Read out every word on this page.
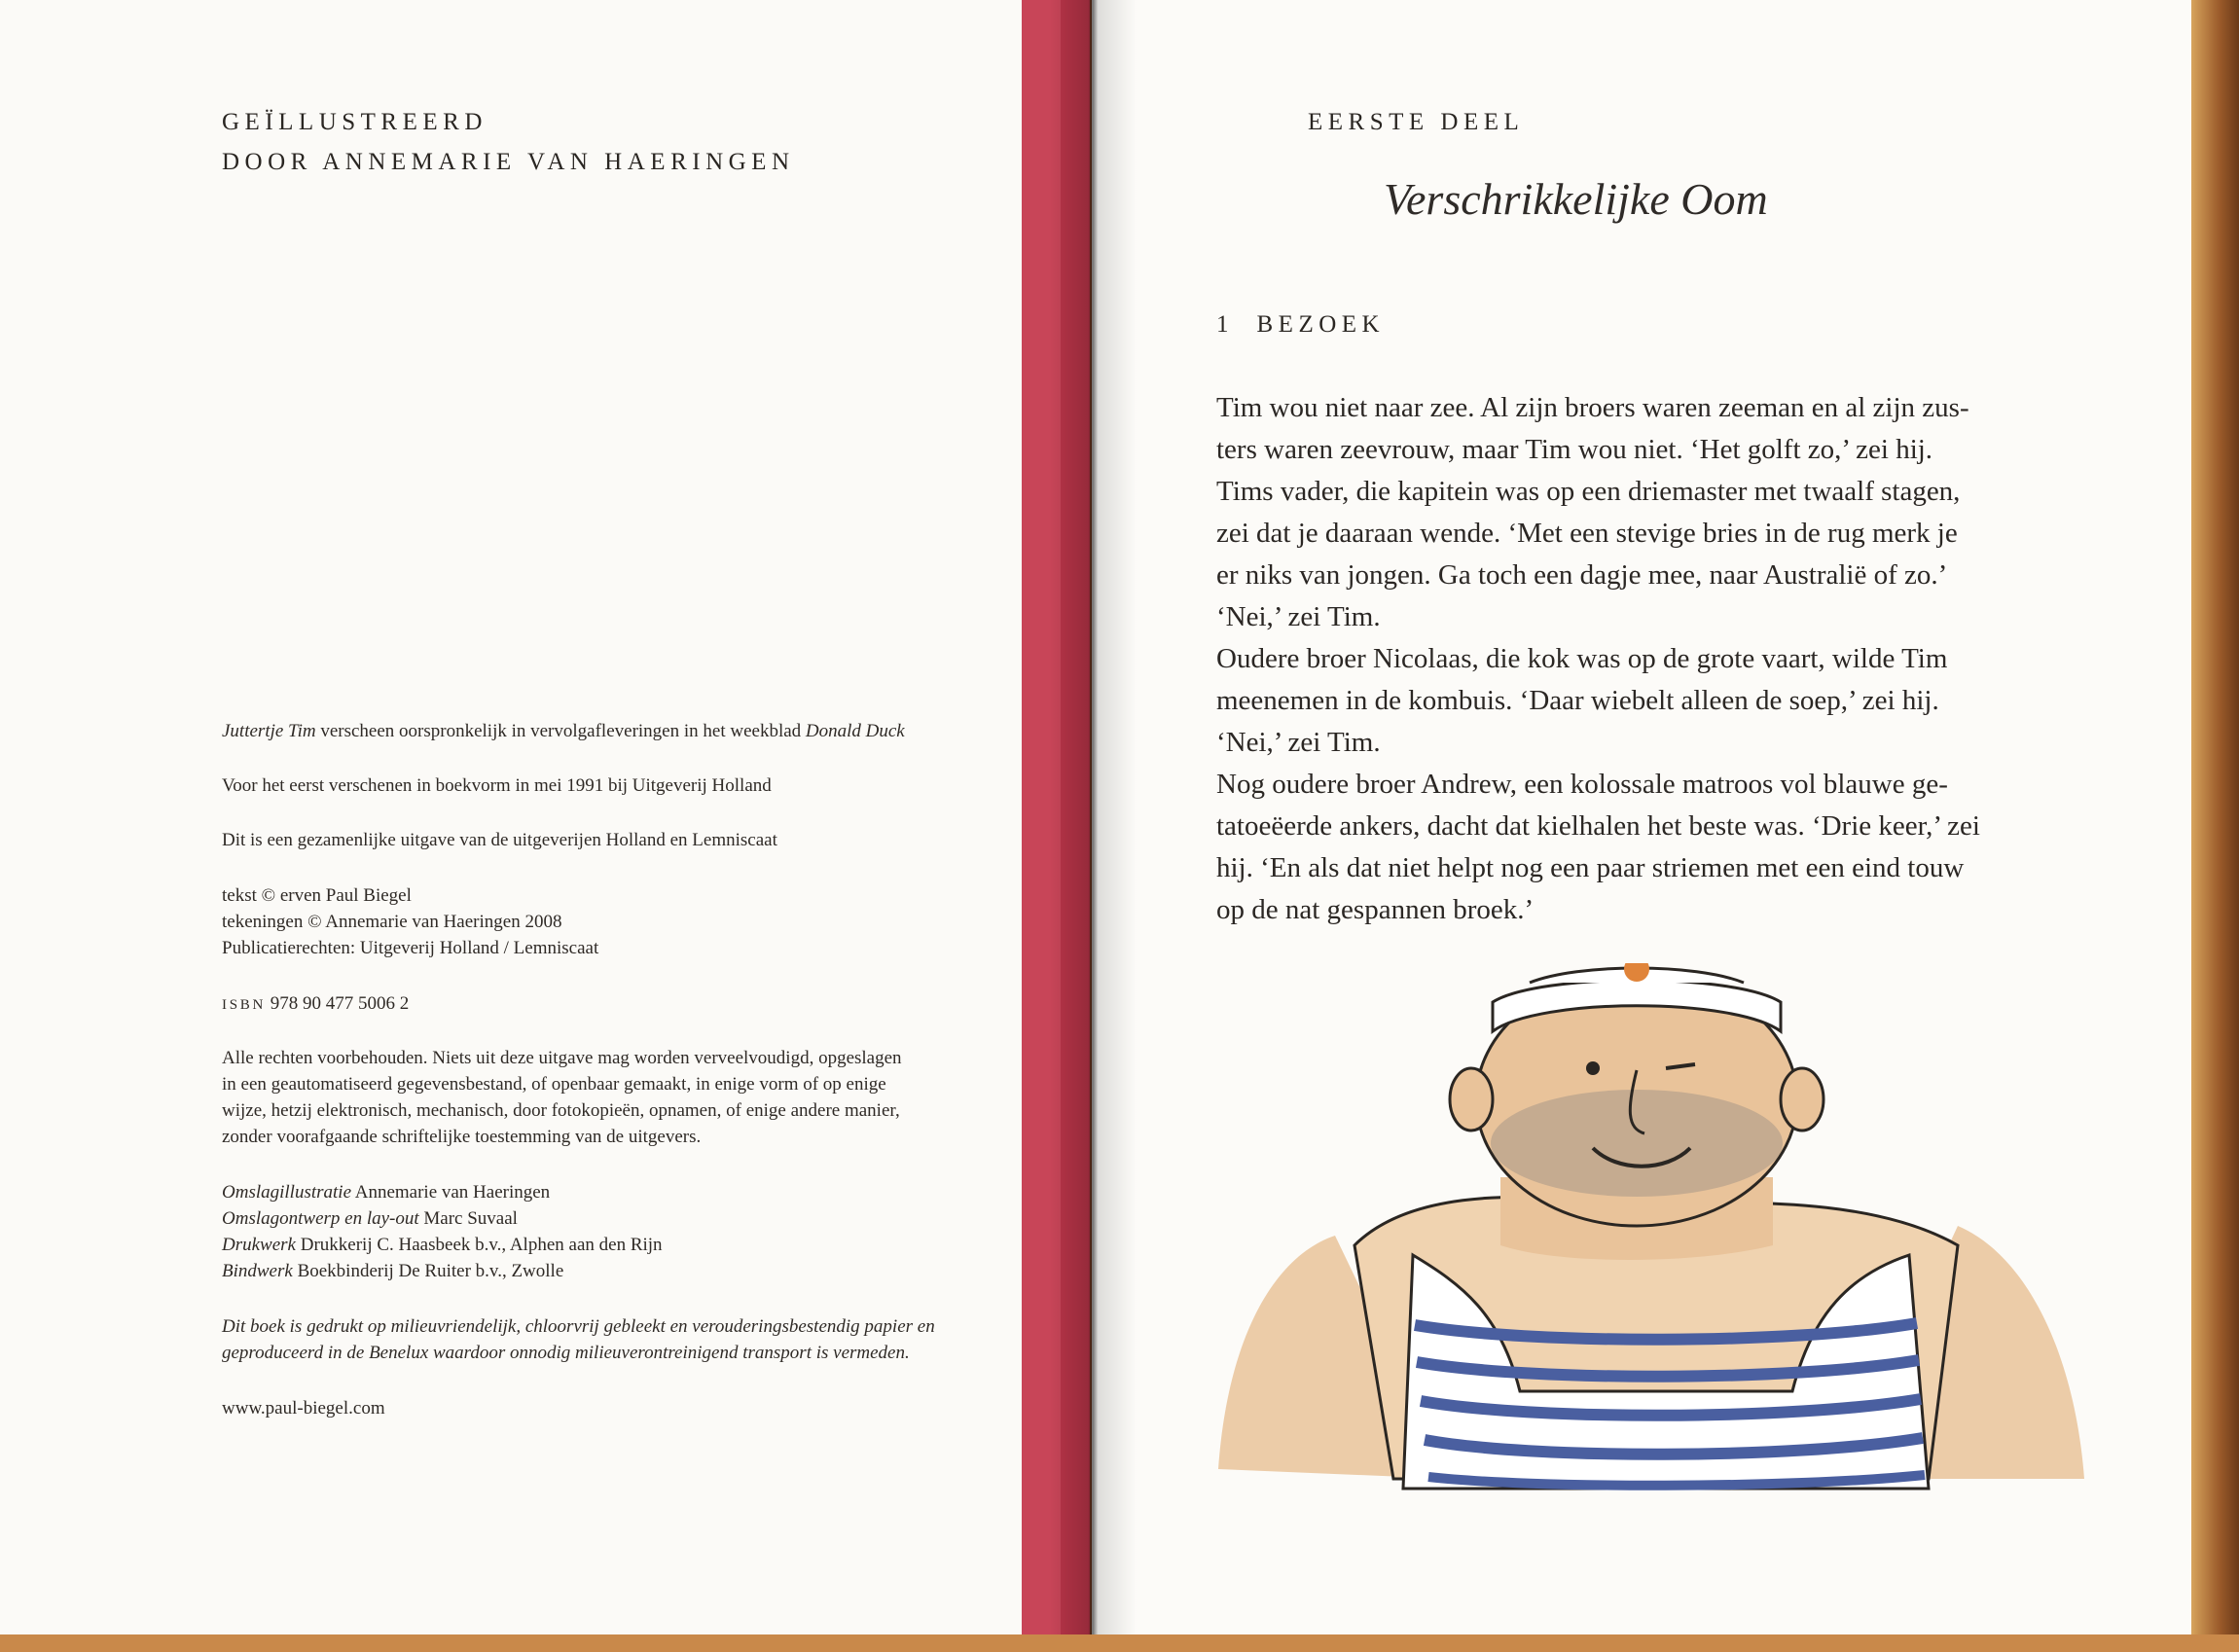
GEÏLLUSTREERD
DOOR ANNEMARIE VAN HAERINGEN

Juttertje Tim verscheen oorspronkelijk in vervolgafleveringen in het weekblad Donald Duck

Voor het eerst verschenen in boekvorm in mei 1991 bij Uitgeverij Holland

Dit is een gezamenlijke uitgave van de uitgeverijen Holland en Lemniscaat

tekst © erven Paul Biegel

tekeningen © Annemarie van Haeringen 2008

Publicatierechten: Uitgeverij Holland / Lemniscaat

ISBN 978 90 477 5006 2

Alle rechten voorbehouden. Niets uit deze uitgave mag worden verveelvoudigd, opgeslagen

in een geautomatiseerd gegevensbestand, of openbaar gemaakt, in enige vorm of op enige

wijze, hetzij elektronisch, mechanisch, door fotokopieën, opnamen, of enige andere manier,

zonder voorafgaande schriftelijke toestemming van de uitgevers.

Omslagillustratie Annemarie van Haeringen

Omslagontwerp en lay-out Marc Suvaal

Drukwerk Drukkerij C. Haasbeek b.v., Alphen aan den Rijn

Bindwerk Boekbinderij De Ruiter b.v., Zwolle

Dit boek is gedrukt op milieuvriendelijk, chloorvrij gebleekt en verouderingsbestendig papier en

geproduceerd in de Benelux waardoor onnodig milieuverontreinigend transport is vermeden.

www.paul-biegel.com

EERSTE DEEL
Verschrikkelijke Oom
1 BEZOEK

Tim wou niet naar zee. Al zijn broers waren zeeman en al zijn zus-

ters waren zeevrouw, maar Tim wou niet. ‘Het golft zo,’ zei hij.

Tims vader, die kapitein was op een driemaster met twaalf stagen,

zei dat je daaraan wende. ‘Met een stevige bries in de rug merk je

er niks van jongen. Ga toch een dagje mee, naar Australië of zo.’

‘Nei,’ zei Tim.

Oudere broer Nicolaas, die kok was op de grote vaart, wilde Tim

meenemen in de kombuis. ‘Daar wiebelt alleen de soep,’ zei hij.

‘Nei,’ zei Tim.

Nog oudere broer Andrew, een kolossale matroos vol blauwe ge-

tatoeëerde ankers, dacht dat kielhalen het beste was. ‘Drie keer,’ zei

hij. ‘En als dat niet helpt nog een paar striemen met een eind touw

op de nat gespannen broek.’
